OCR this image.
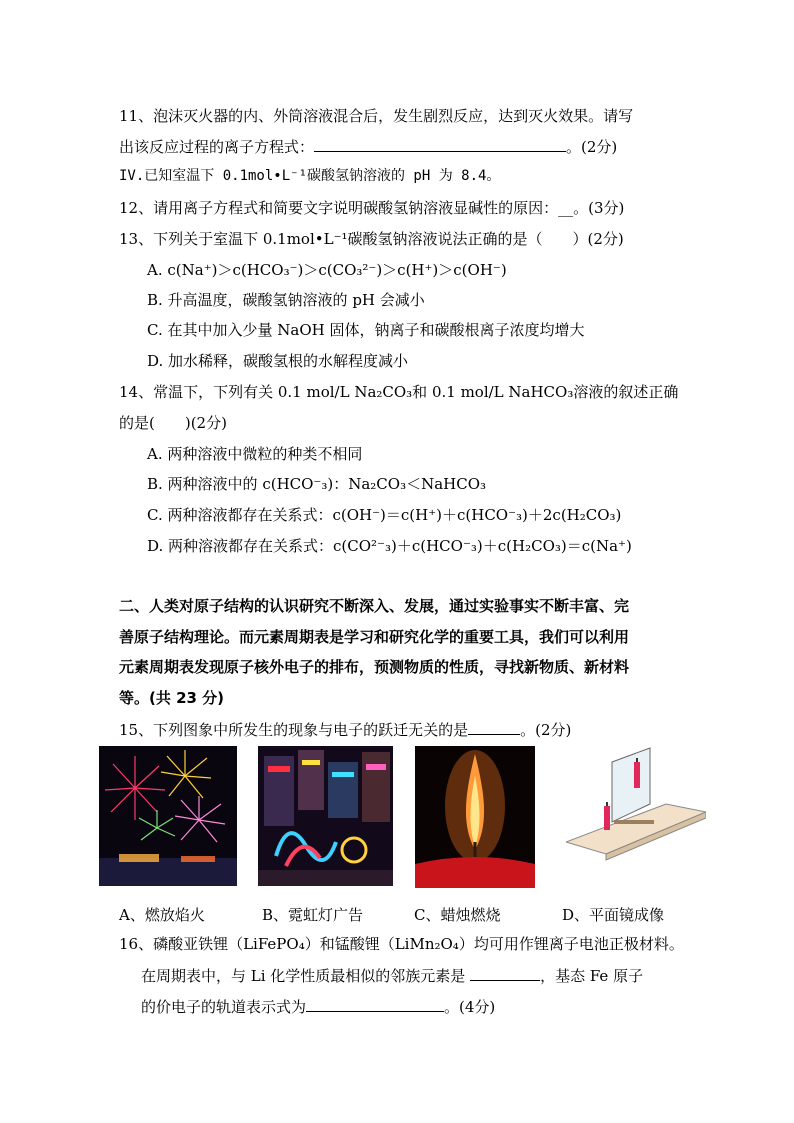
11、泡沫灭火器的内、外筒溶液混合后，发生剧烈反应，达到灭火效果。请写
出该反应过程的离子方程式：	。(2分)
IV.已知室温下 0.1mol•L⁻¹碳酸氢钠溶液的 pH 为 8.4。
12、请用离子方程式和简要文字说明碳酸氢钠溶液显碱性的原因：__。(3分)
13、下列关于室温下 0.1mol•L⁻¹碳酸氢钠溶液说法正确的是（　　）(2分)
A. c(Na⁺)＞c(HCO₃⁻)＞c(CO₃²⁻)＞c(H⁺)＞c(OH⁻)
B. 升高温度，碳酸氢钠溶液的 pH 会减小
C. 在其中加入少量 NaOH 固体，钠离子和碳酸根离子浓度均增大
D. 加水稀释，碳酸氢根的水解程度减小
14、常温下，下列有关 0.1 mol/L Na₂CO₃和 0.1 mol/L NaHCO₃溶液的叙述正确
的是(　　)(2分)
A. 两种溶液中微粒的种类不相同
B. 两种溶液中的 c(HCO⁻₃)：Na₂CO₃＜NaHCO₃
C. 两种溶液都存在关系式：c(OH⁻)＝c(H⁺)＋c(HCO⁻₃)＋2c(H₂CO₃)
D. 两种溶液都存在关系式：c(CO²⁻₃)＋c(HCO⁻₃)＋c(H₂CO₃)＝c(Na⁺)
二、人类对原子结构的认识研究不断深入、发展，通过实验事实不断丰富、完
善原子结构理论。而元素周期表是学习和研究化学的重要工具，我们可以利用
元素周期表发现原子核外电子的排布，预测物质的性质，寻找新物质、新材料
等。(共 23 分)
15、下列图象中所发生的现象与电子的跃迁无关的是	。(2分)
A、燃放焰火	B、霓虹灯广告	C、蜡烛燃烧	D、平面镜成像
16、磷酸亚铁锂（LiFePO₄）和锰酸锂（LiMn₂O₄）均可用作锂离子电池正极材料。
在周期表中，与 Li 化学性质最相似的邻族元素是	，基态 Fe 原子
的价电子的轨道表示式为	。(4分)
